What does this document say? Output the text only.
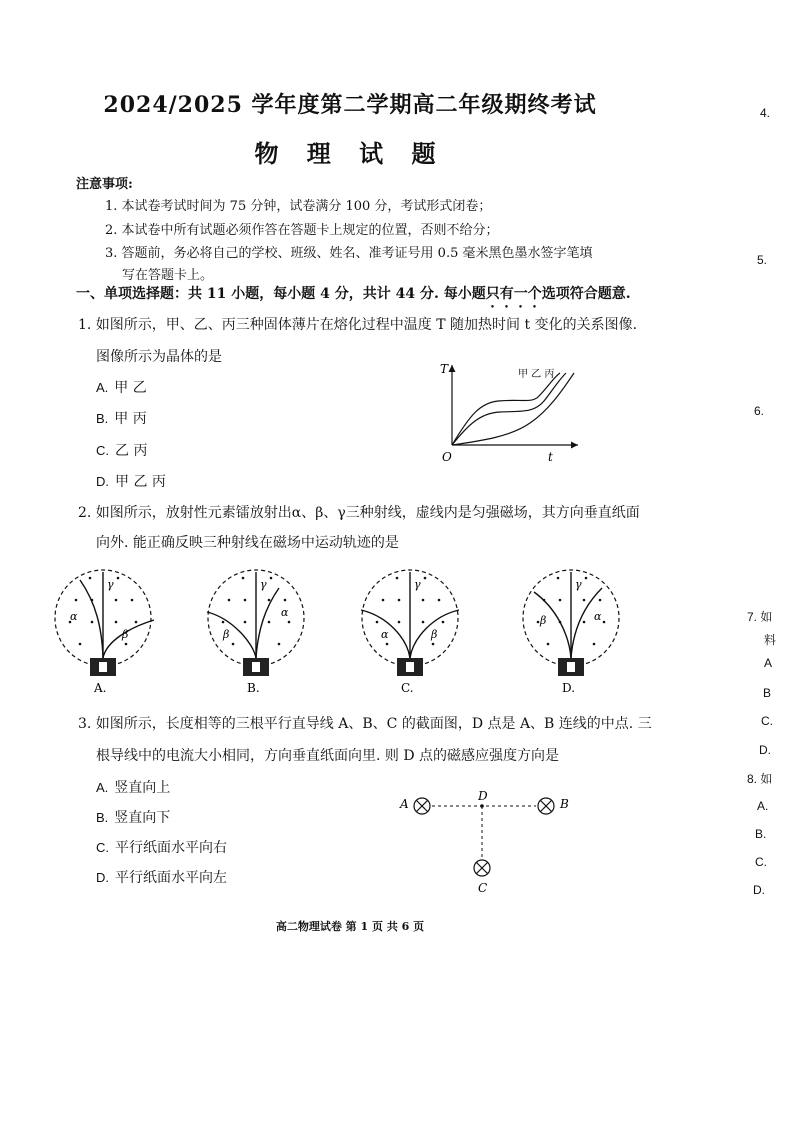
2024/2025 学年度第二学期高二年级期终考试
物 理 试 题
注意事项:
1. 本试卷考试时间为 75 分钟，试卷满分 100 分，考试形式闭卷；
2. 本试卷中所有试题必须作答在答题卡上规定的位置，否则不给分；
3. 答题前，务必将自己的学校、班级、姓名、准考证号用 0.5 毫米黑色墨水签字笔填
写在答题卡上。
一、单项选择题：共 11 小题，每小题 4 分，共计 44 分. 每小题只有一个选项符合题意.
1. 如图所示，甲、乙、丙三种固体薄片在熔化过程中温度 T 随加热时间 t 变化的关系图像.
图像所示为晶体的是
A. 甲 乙
B. 甲 丙
C. 乙 丙
D. 甲 乙 丙
T
t
O
甲 乙 丙
2. 如图所示，放射性元素镭放射出α、β、γ三种射线，虚线内是匀强磁场，其方向垂直纸面
向外. 能正确反映三种射线在磁场中运动轨迹的是
γ
α
β
A.
γ
β
α
B.
γ
α	β
C.
γ
β	α
D.
3. 如图所示，长度相等的三根平行直导线 A、B、C 的截面图，D 点是 A、B 连线的中点. 三
根导线中的电流大小相同，方向垂直纸面向里. 则 D 点的磁感应强度方向是
A. 竖直向上
B. 竖直向下
C. 平行纸面水平向右
D. 平行纸面水平向左
A	B
C
D
高二物理试卷 第 1 页 共 6 页
4.
5.
6.
7. 如
料
A
B
C.
D.
8. 如
A.
B.
C.
D.
